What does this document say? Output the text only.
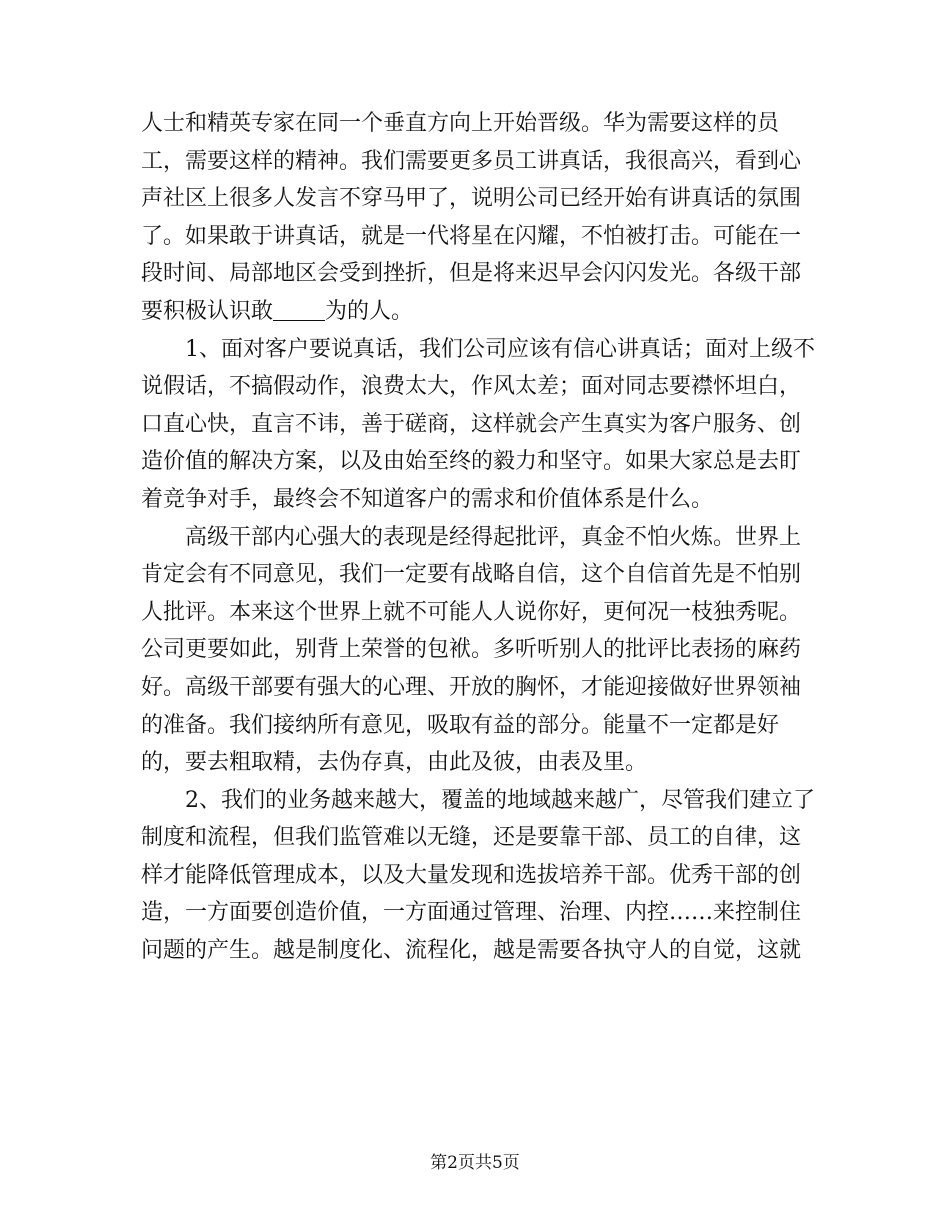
人士和精英专家在同一个垂直方向上开始晋级。华为需要这样的员
工，需要这样的精神。我们需要更多员工讲真话，我很高兴，看到心
声社区上很多人发言不穿马甲了，说明公司已经开始有讲真话的氛围
了。如果敢于讲真话，就是一代将星在闪耀，不怕被打击。可能在一
段时间、局部地区会受到挫折，但是将来迟早会闪闪发光。各级干部
要积极认识敢 为的人。
1、面对客户要说真话，我们公司应该有信心讲真话；面对上级不
说假话，不搞假动作，浪费太大，作风太差；面对同志要襟怀坦白，
口直心快，直言不讳，善于磋商，这样就会产生真实为客户服务、创
造价值的解决方案，以及由始至终的毅力和坚守。如果大家总是去盯
着竞争对手，最终会不知道客户的需求和价值体系是什么。
高级干部内心强大的表现是经得起批评，真金不怕火炼。世界上
肯定会有不同意见，我们一定要有战略自信，这个自信首先是不怕别
人批评。本来这个世界上就不可能人人说你好，更何况一枝独秀呢。
公司更要如此，别背上荣誉的包袱。多听听别人的批评比表扬的麻药
好。高级干部要有强大的心理、开放的胸怀，才能迎接做好世界领袖
的准备。我们接纳所有意见，吸取有益的部分。能量不一定都是好
的，要去粗取精，去伪存真，由此及彼，由表及里。
2、我们的业务越来越大，覆盖的地域越来越广，尽管我们建立了
制度和流程，但我们监管难以无缝，还是要靠干部、员工的自律，这
样才能降低管理成本，以及大量发现和选拔培养干部。优秀干部的创
造，一方面要创造价值，一方面通过管理、治理、内控……来控制住
问题的产生。越是制度化、流程化，越是需要各执守人的自觉，这就
第2页共5页
